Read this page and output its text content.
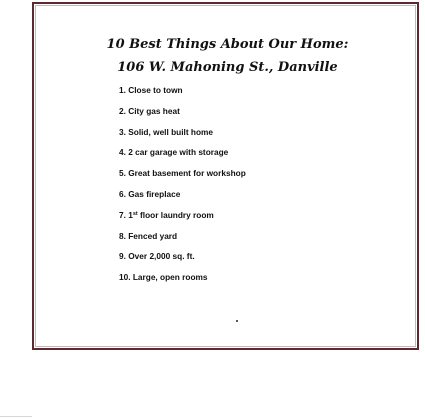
10 Best Things About Our Home:
106 W. Mahoning St., Danville
1. Close to town
2. City gas heat
3. Solid, well built home
4. 2 car garage with storage
5. Great basement for workshop
6. Gas fireplace
7. 1st floor laundry room
8. Fenced yard
9. Over 2,000 sq. ft.
10. Large, open rooms
